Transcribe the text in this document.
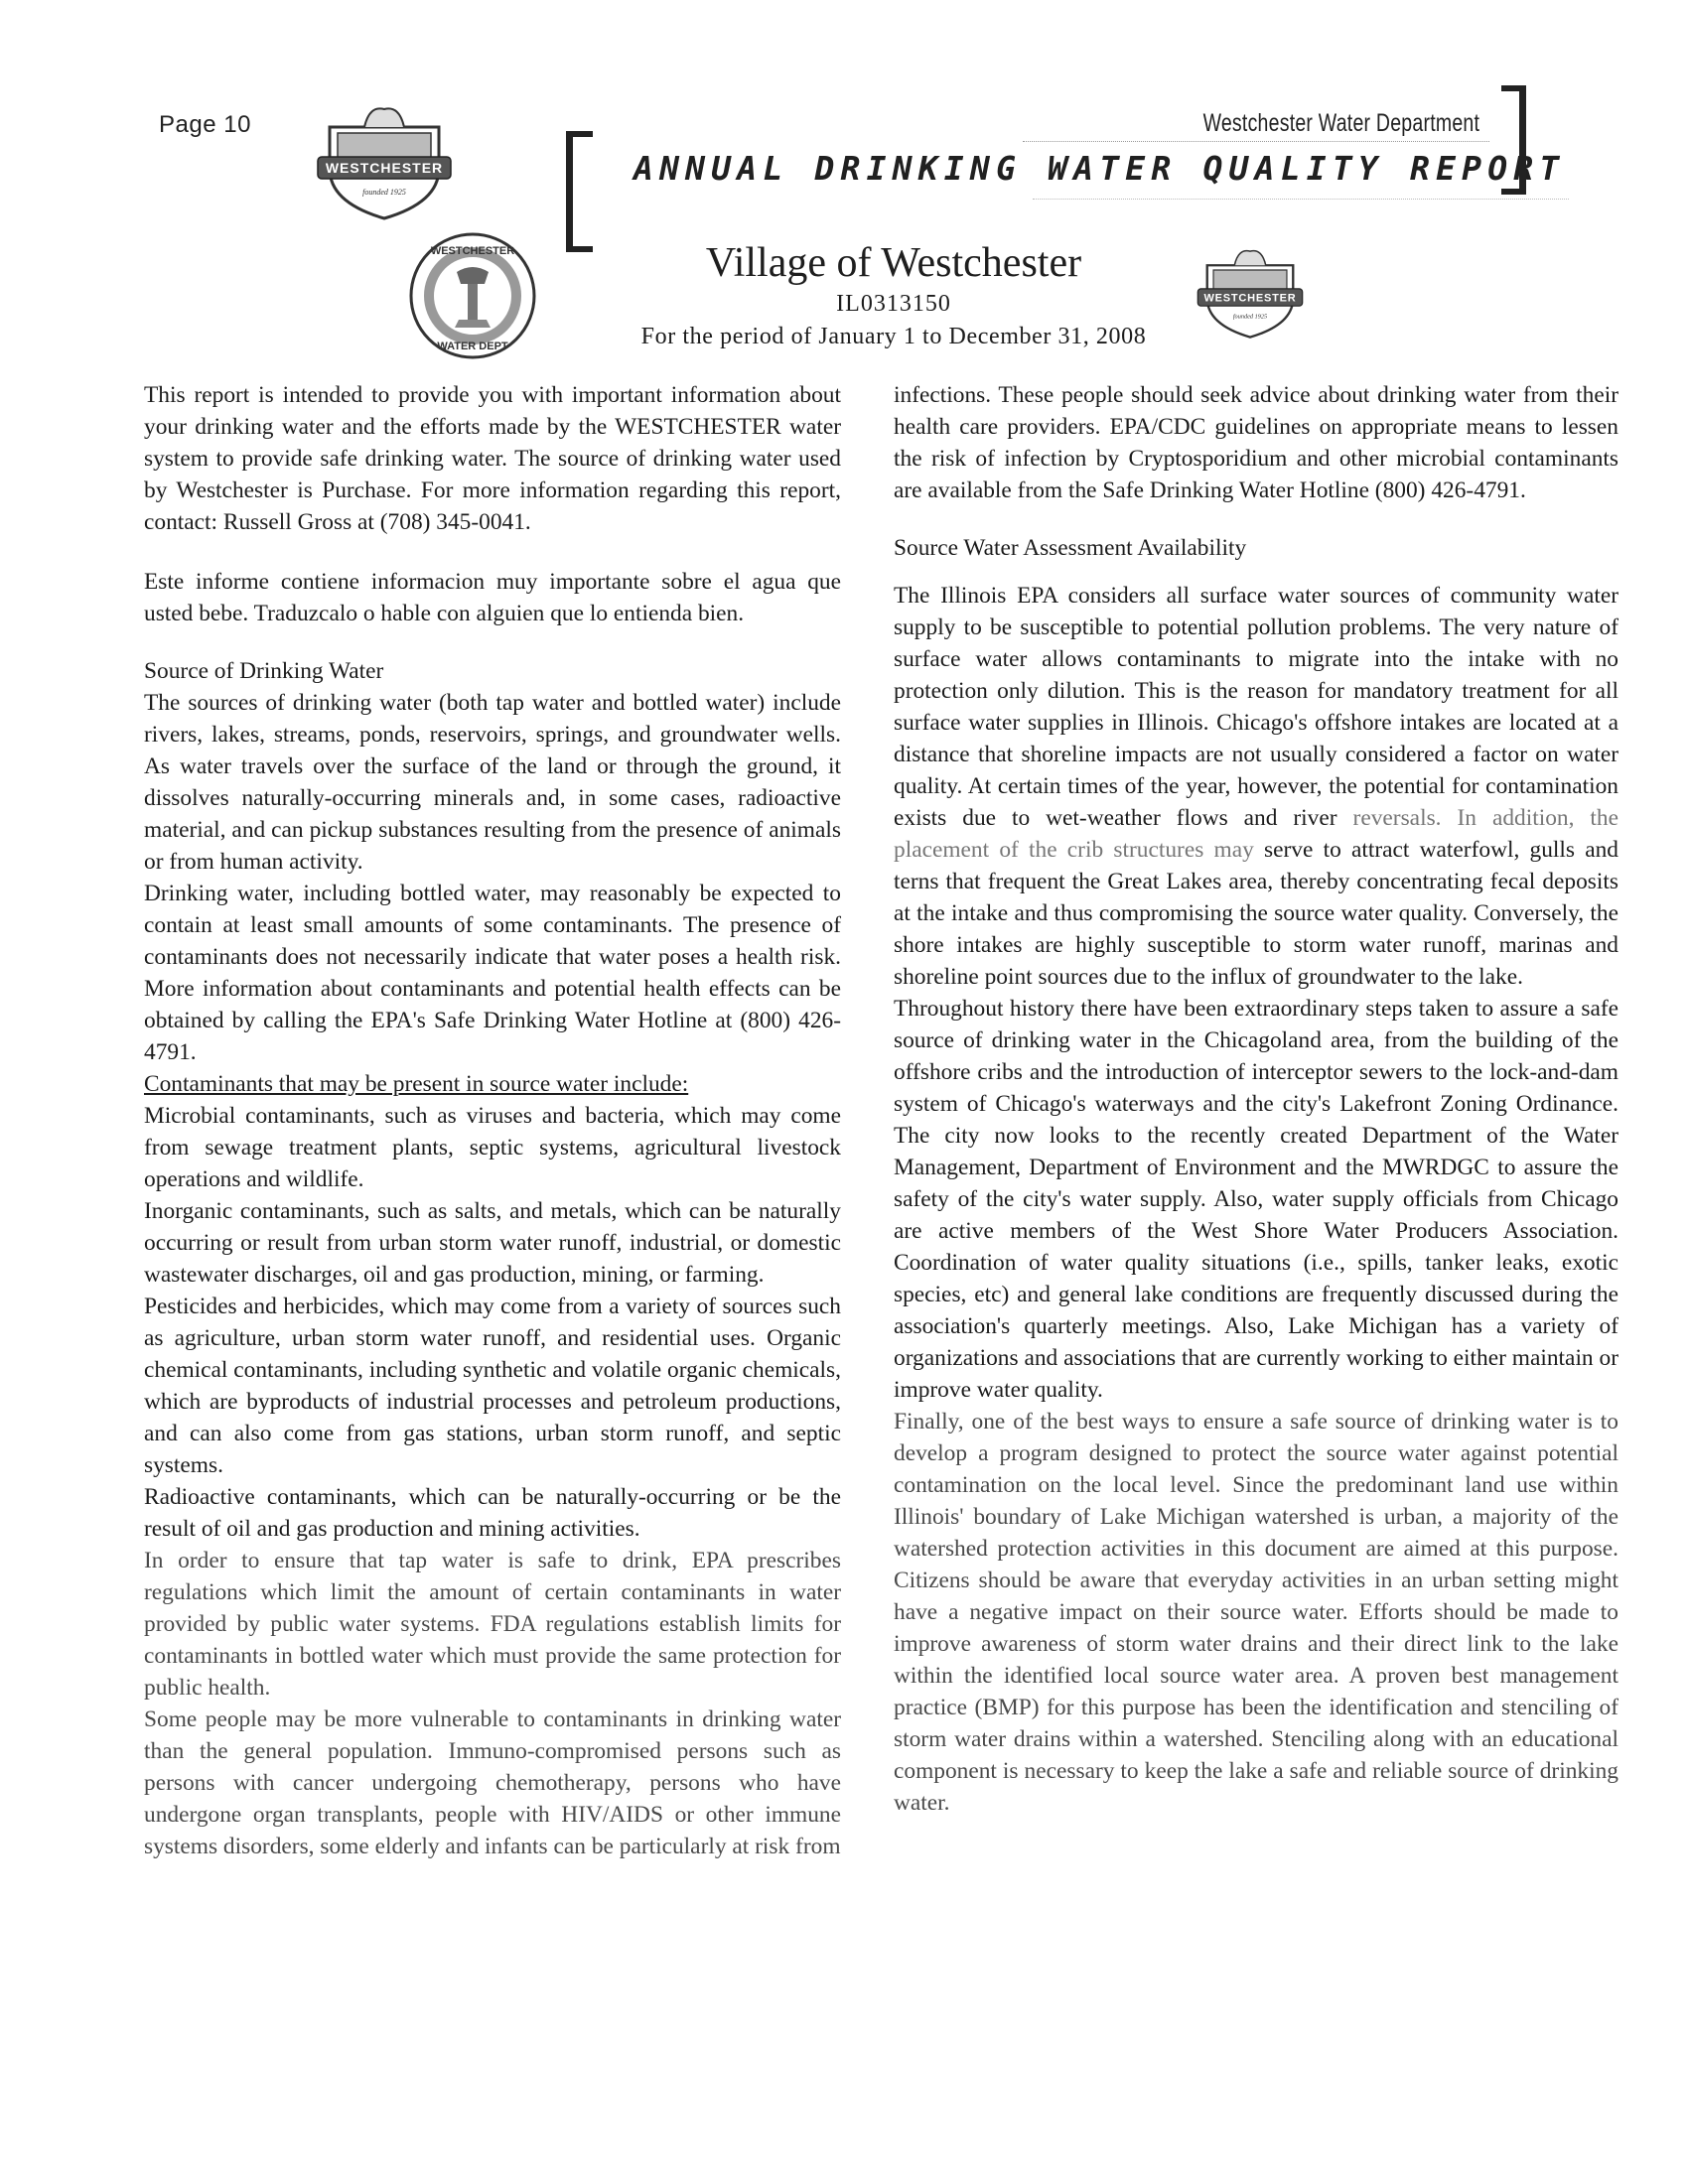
Page 10
WESTCHESTER
founded 1925
Westchester Water Department
ANNUAL DRINKING WATER QUALITY REPORT
WESTCHESTER
WATER DEPT
Village of Westchester
IL0313150
For the period of January 1 to December 31, 2008
WESTCHESTER
founded 1925

This report is intended to provide you with important information about your drinking water and the efforts made by the WESTCHESTER water system to provide safe drinking water. The source of drinking water used by Westchester is Purchase. For more information regarding this report, contact: Russell Gross at (708) 345-0041.

Este informe contiene informacion muy importante sobre el agua que usted bebe. Traduzcalo o hable con alguien que lo entienda bien.

Source of Drinking Water

The sources of drinking water (both tap water and bottled water) include rivers, lakes, streams, ponds, reservoirs, springs, and groundwater wells. As water travels over the surface of the land or through the ground, it dissolves naturally-occurring minerals and, in some cases, radioactive material, and can pickup substances resulting from the presence of animals or from human activity.

Drinking water, including bottled water, may reasonably be expected to contain at least small amounts of some contaminants. The presence of contaminants does not necessarily indicate that water poses a health risk. More information about contaminants and potential health effects can be obtained by calling the EPA's Safe Drinking Water Hotline at (800) 426-4791.

Contaminants that may be present in source water include:

Microbial contaminants, such as viruses and bacteria, which may come from sewage treatment plants, septic systems, agricultural livestock operations and wildlife.

Inorganic contaminants, such as salts, and metals, which can be naturally occurring or result from urban storm water runoff, industrial, or domestic wastewater discharges, oil and gas production, mining, or farming.

Pesticides and herbicides, which may come from a variety of sources such as agriculture, urban storm water runoff, and residential uses. Organic chemical contaminants, including synthetic and volatile organic chemicals, which are byproducts of industrial processes and petroleum productions, and can also come from gas stations, urban storm runoff, and septic systems.

Radioactive contaminants, which can be naturally-occurring or be the result of oil and gas production and mining activities.

In order to ensure that tap water is safe to drink, EPA prescribes regulations which limit the amount of certain contaminants in water provided by public water systems. FDA regulations establish limits for contaminants in bottled water which must provide the same protection for public health.

Some people may be more vulnerable to contaminants in drinking water than the general population. Immuno-compromised persons such as persons with cancer undergoing chemotherapy, persons who have undergone organ transplants, people with HIV/AIDS or other immune systems disorders, some elderly and infants can be particularly at risk from

infections. These people should seek advice about drinking water from their health care providers. EPA/CDC guidelines on appropriate means to lessen the risk of infection by Cryptosporidium and other microbial contaminants are available from the Safe Drinking Water Hotline (800) 426-4791.

Source Water Assessment Availability

The Illinois EPA considers all surface water sources of community water supply to be susceptible to potential pollution problems. The very nature of surface water allows contaminants to migrate into the intake with no protection only dilution. This is the reason for mandatory treatment for all surface water supplies in Illinois. Chicago's offshore intakes are located at a distance that shoreline impacts are not usually considered a factor on water quality. At certain times of the year, however, the potential for contamination exists due to wet-weather flows and river reversals. In addition, the placement of the crib structures may serve to attract waterfowl, gulls and terns that frequent the Great Lakes area, thereby concentrating fecal deposits at the intake and thus compromising the source water quality. Conversely, the shore intakes are highly susceptible to storm water runoff, marinas and shoreline point sources due to the influx of groundwater to the lake.

Throughout history there have been extraordinary steps taken to assure a safe source of drinking water in the Chicagoland area, from the building of the offshore cribs and the introduction of interceptor sewers to the lock-and-dam system of Chicago's waterways and the city's Lakefront Zoning Ordinance. The city now looks to the recently created Department of the Water Management, Department of Environment and the MWRDGC to assure the safety of the city's water supply. Also, water supply officials from Chicago are active members of the West Shore Water Producers Association. Coordination of water quality situations (i.e., spills, tanker leaks, exotic species, etc) and general lake conditions are frequently discussed during the association's quarterly meetings. Also, Lake Michigan has a variety of organizations and associations that are currently working to either maintain or improve water quality.

Finally, one of the best ways to ensure a safe source of drinking water is to develop a program designed to protect the source water against potential contamination on the local level. Since the predominant land use within Illinois' boundary of Lake Michigan watershed is urban, a majority of the watershed protection activities in this document are aimed at this purpose. Citizens should be aware that everyday activities in an urban setting might have a negative impact on their source water. Efforts should be made to improve awareness of storm water drains and their direct link to the lake within the identified local source water area. A proven best management practice (BMP) for this purpose has been the identification and stenciling of storm water drains within a watershed. Stenciling along with an educational component is necessary to keep the lake a safe and reliable source of drinking water.
